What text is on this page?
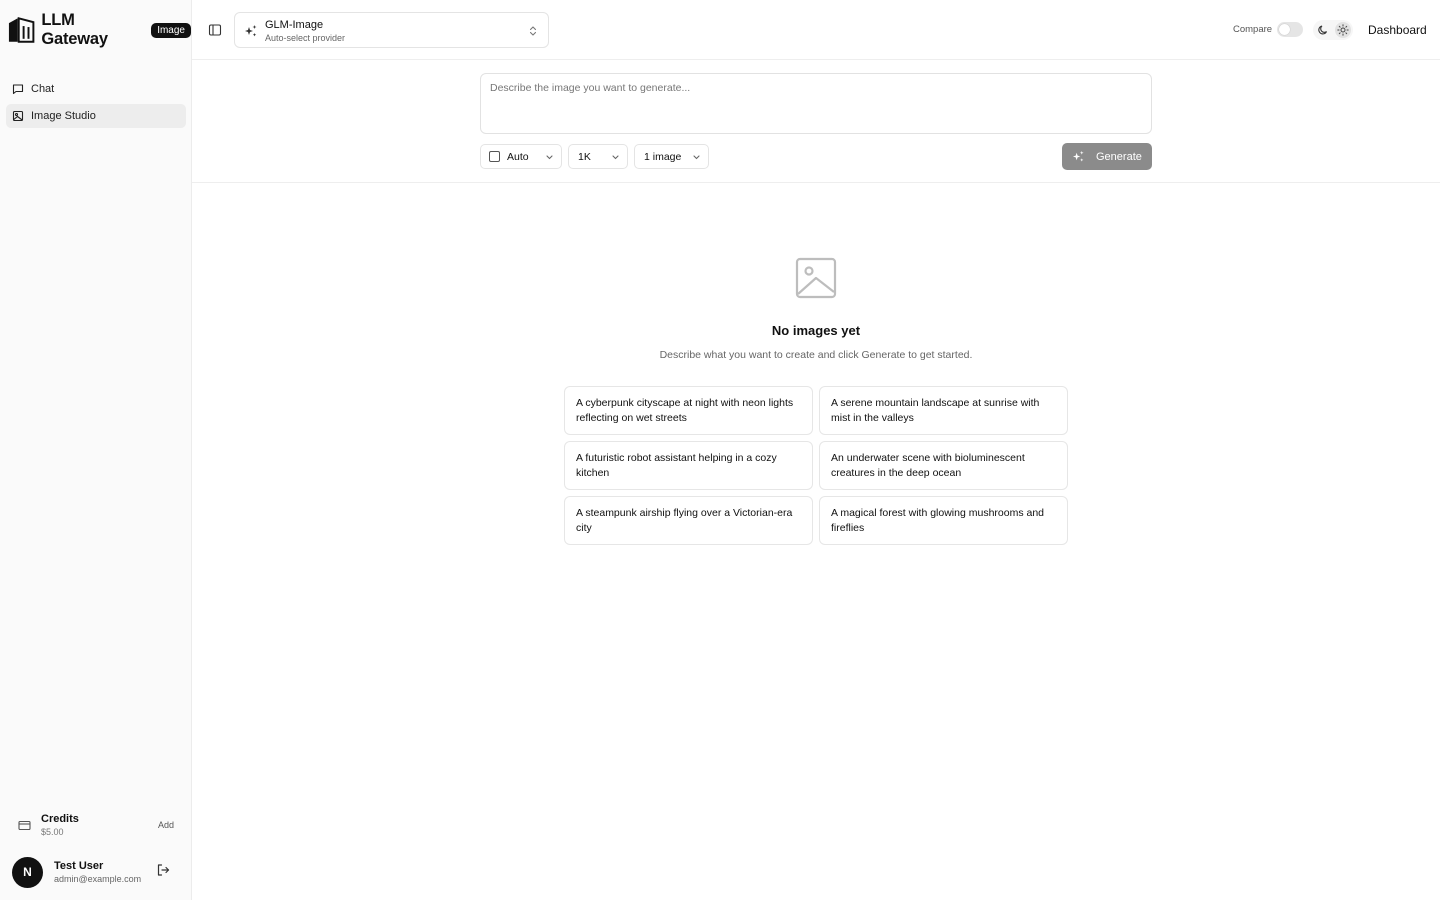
LLM Gateway	Image
Chat
Image Studio
Credits
$5.00
Add
N	Test User
admin@example.com
GLM-Image
Auto-select provider
Compare	Dashboard
Describe the image you want to generate...
Auto	1K	1 image	Generate
No images yet
Describe what you want to create and click Generate to get started.
A cyberpunk cityscape at night with neon lights reflecting on wet streets
A serene mountain landscape at sunrise with mist in the valleys
A futuristic robot assistant helping in a cozy kitchen
An underwater scene with bioluminescent creatures in the deep ocean
A steampunk airship flying over a Victorian-era city
A magical forest with glowing mushrooms and fireflies
